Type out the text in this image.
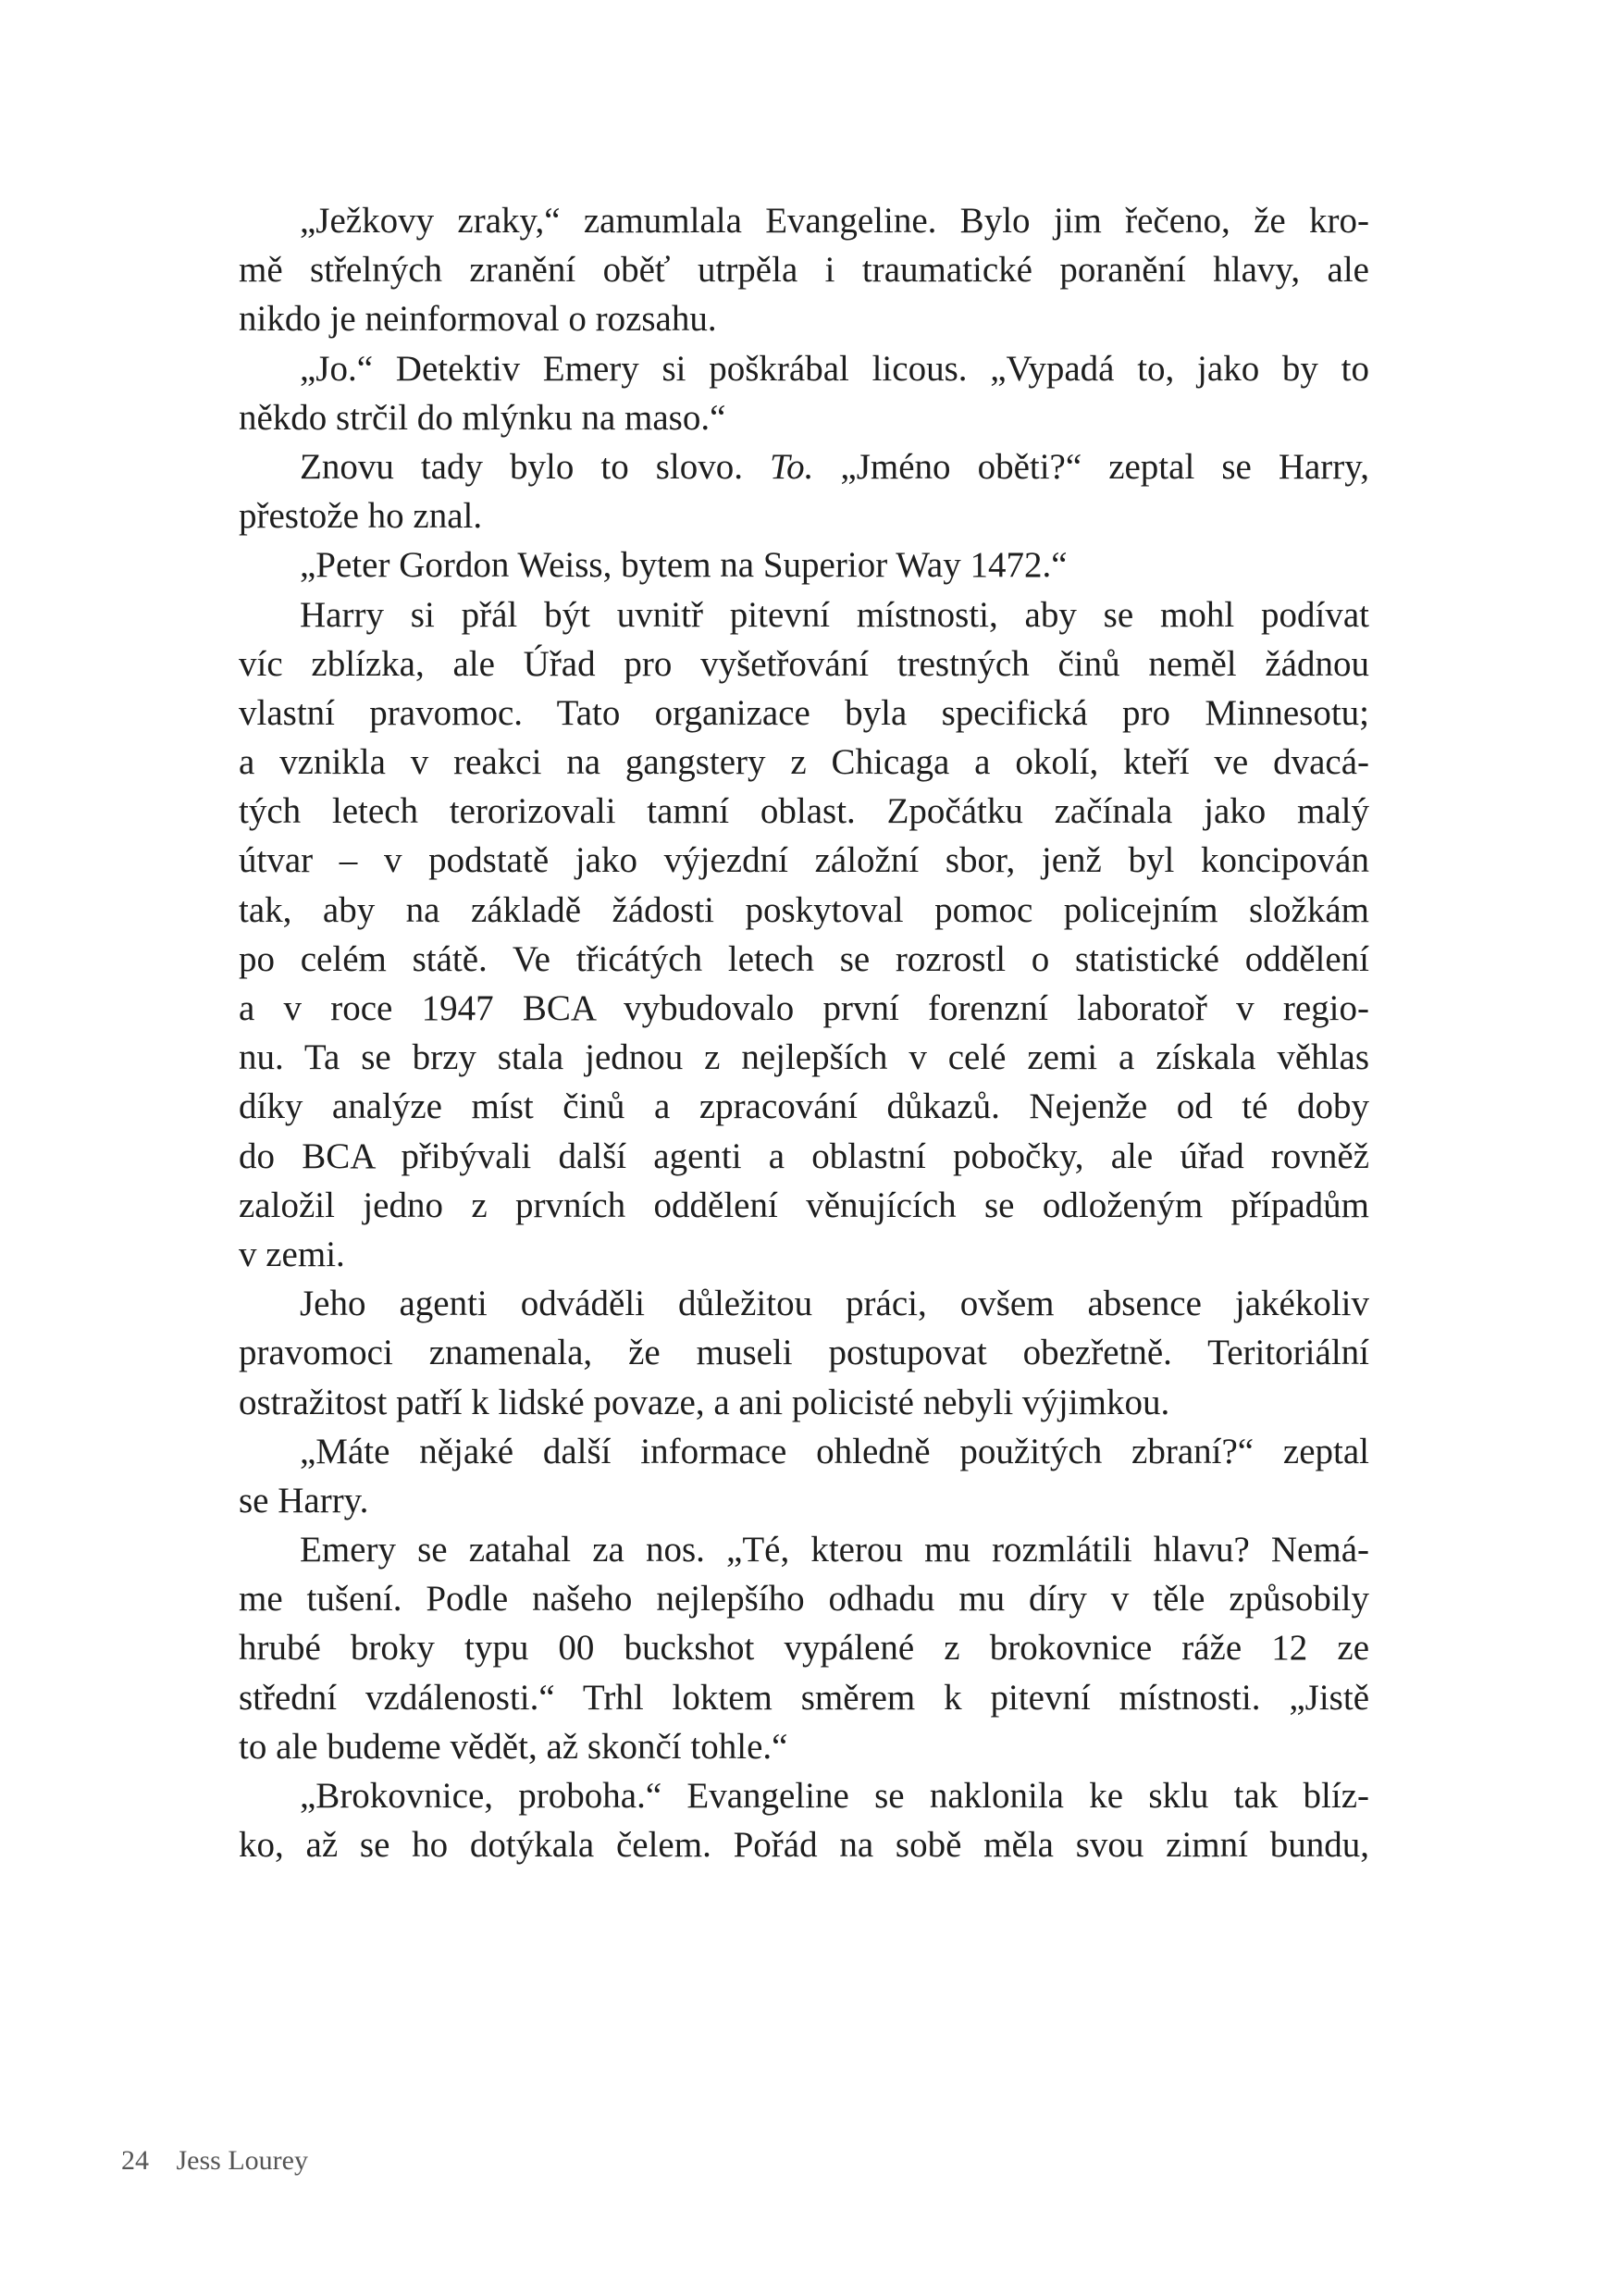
„Ježkovy zraky,“ zamumlala Evangeline. Bylo jim řečeno, že kro-
mě střelných zranění oběť utrpěla i traumatické poranění hlavy, ale
nikdo je neinformoval o rozsahu.
„Jo.“ Detektiv Emery si poškrábal licous. „Vypadá to, jako by to
někdo strčil do mlýnku na maso.“
Znovu tady bylo to slovo. To. „Jméno oběti?“ zeptal se Harry,
přestože ho znal.
„Peter Gordon Weiss, bytem na Superior Way 1472.“
Harry si přál být uvnitř pitevní místnosti, aby se mohl podívat
víc zblízka, ale Úřad pro vyšetřování trestných činů neměl žádnou
vlastní pravomoc. Tato organizace byla specifická pro Minnesotu;
a vznikla v reakci na gangstery z Chicaga a okolí, kteří ve dvacá-
tých letech terorizovali tamní oblast. Zpočátku začínala jako malý
útvar – v podstatě jako výjezdní záložní sbor, jenž byl koncipován
tak, aby na základě žádosti poskytoval pomoc policejním složkám
po celém státě. Ve třicátých letech se rozrostl o statistické oddělení
a v roce 1947 BCA vybudovalo první forenzní laboratoř v regio-
nu. Ta se brzy stala jednou z nejlepších v celé zemi a získala věhlas
díky analýze míst činů a zpracování důkazů. Nejenže od té doby
do BCA přibývali další agenti a oblastní pobočky, ale úřad rovněž
založil jedno z prvních oddělení věnujících se odloženým případům
v zemi.
Jeho agenti odváděli důležitou práci, ovšem absence jakékoliv
pravomoci znamenala, že museli postupovat obezřetně. Teritoriální
ostražitost patří k lidské povaze, a ani policisté nebyli výjimkou.
„Máte nějaké další informace ohledně použitých zbraní?“ zeptal
se Harry.
Emery se zatahal za nos. „Té, kterou mu rozmlátili hlavu? Nemá-
me tušení. Podle našeho nejlepšího odhadu mu díry v těle způsobily
hrubé broky typu 00 buckshot vypálené z brokovnice ráže 12 ze
střední vzdálenosti.“ Trhl loktem směrem k pitevní místnosti. „Jistě
to ale budeme vědět, až skončí tohle.“
„Brokovnice, proboha.“ Evangeline se naklonila ke sklu tak blíz-
ko, až se ho dotýkala čelem. Pořád na sobě měla svou zimní bundu,
24 Jess Lourey
